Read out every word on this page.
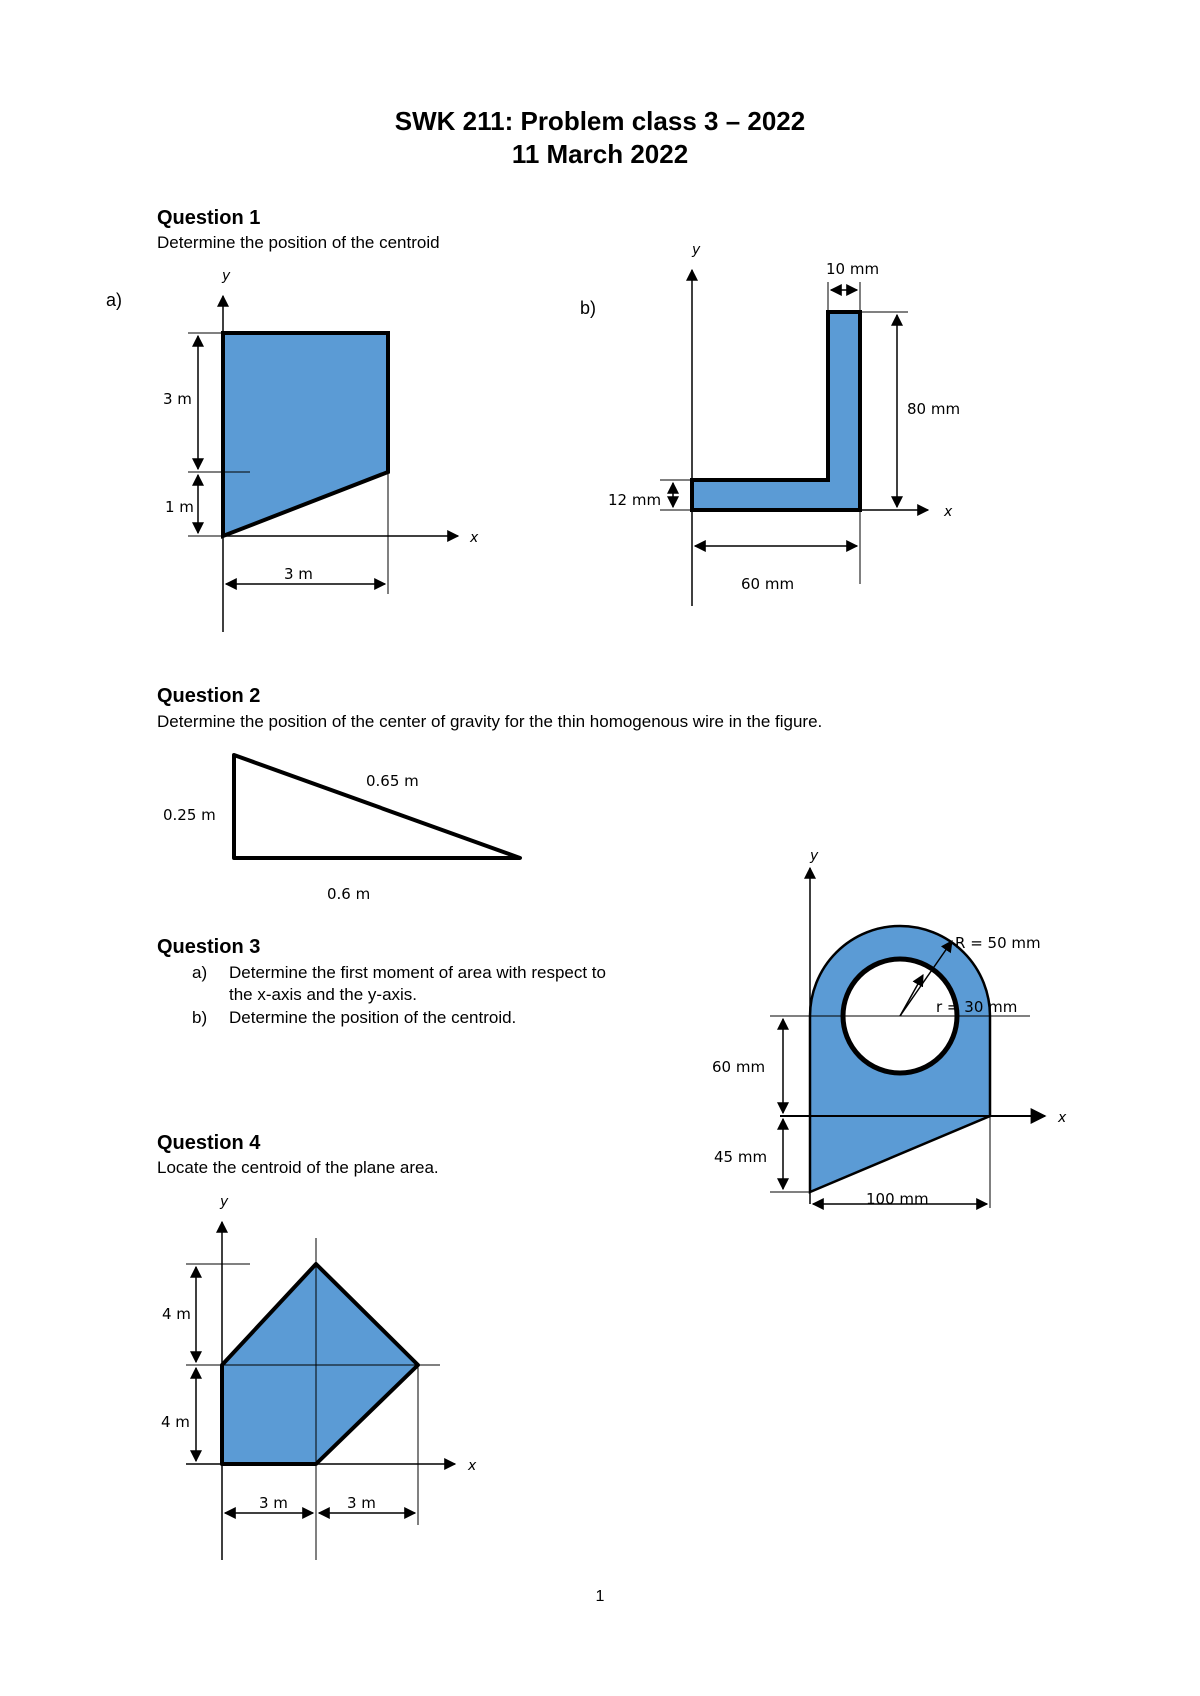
SWK 211: Problem class 3 – 2022
11 March 2022
Question 1
Determine the position of the centroid
a)	b)
Question 2
Determine the position of the center of gravity for the thin homogenous wire in the figure.
Question 3
a) Determine the first moment of area with respect to
the x-axis and the y-axis.
b) Determine the position of the centroid.
Question 4
Locate the centroid of the plane area.
y
x
3 m
1 m
3 m
y
x
10 mm
80 mm
12 mm
60 mm
0.65 m
0.25 m
0.6 m
y
x
R = 50 mm
r = 30 mm
60 mm
45 mm
100 mm
y
x
4 m
4 m
3 m	3 m
1
